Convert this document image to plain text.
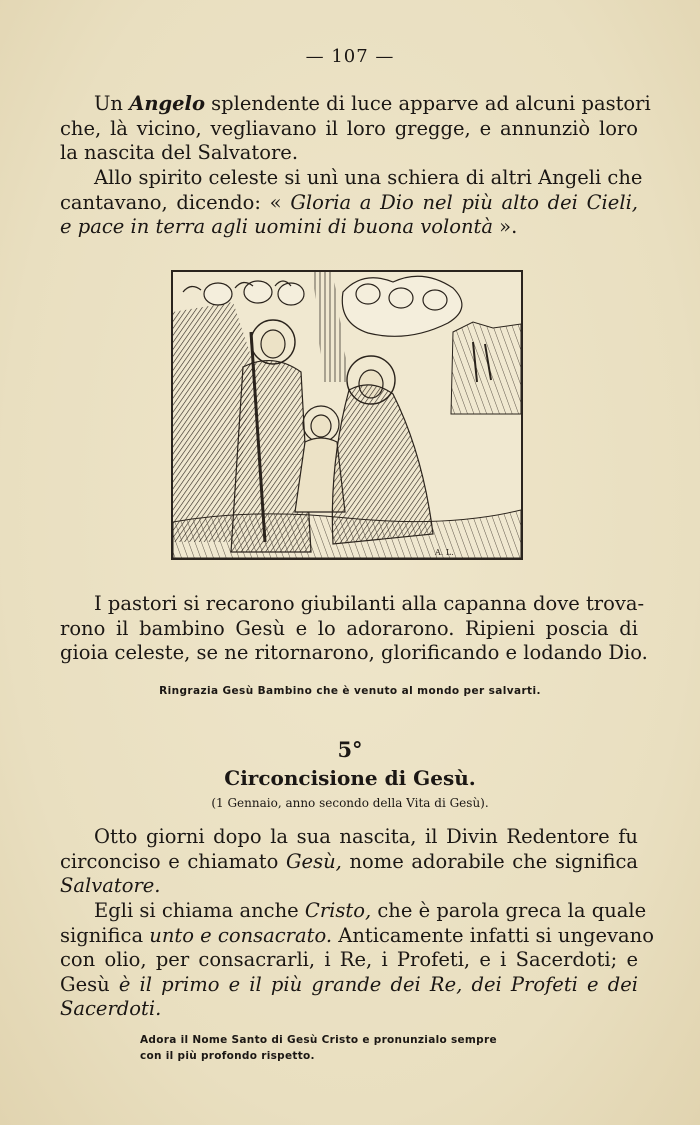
— 107 —
Un Angelo splendente di luce apparve ad alcuni pastori
che, là vicino, vegliavano il loro gregge, e annunziò loro
la nascita del Salvatore.
Allo spirito celeste si unì una schiera di altri Angeli che
cantavano, dicendo: « Gloria a Dio nel più alto dei Cieli,
e pace in terra agli uomini di buona volontà ».
A. L.
I pastori si recarono giubilanti alla capanna dove trova-
rono il bambino Gesù e lo adorarono. Ripieni poscia di
gioia celeste, se ne ritornarono, glorificando e lodando Dio.
Ringrazia Gesù Bambino che è venuto al mondo per salvarti.
5°
Circoncisione di Gesù.
(1 Gennaio, anno secondo della Vita di Gesù).
Otto giorni dopo la sua nascita, il Divin Redentore fu
circonciso e chiamato Gesù, nome adorabile che significa
Salvatore.
Egli si chiama anche Cristo, che è parola greca la quale
significa unto e consacrato. Anticamente infatti si ungevano
con olio, per consacrarli, i Re, i Profeti, e i Sacerdoti; e
Gesù è il primo e il più grande dei Re, dei Profeti e dei
Sacerdoti.
Adora il Nome Santo di Gesù Cristo e pronunzialo sempre
con il più profondo rispetto.
